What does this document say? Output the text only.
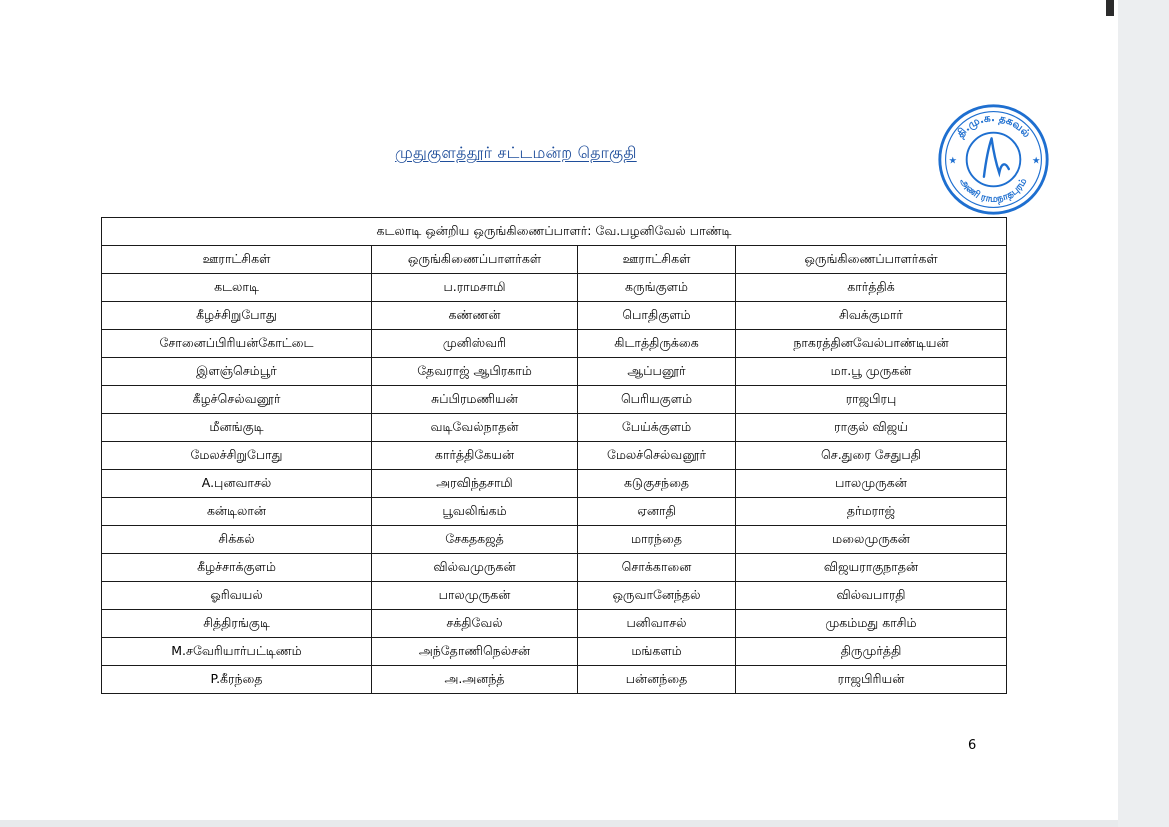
முதுகுளத்தூர் சட்டமன்ற தொகுதி
தி.மு.க. தகவல்
அணி ராமநாதபுரம்
★	★
கடலாடி ஒன்றிய ஒருங்கிணைப்பாளர்: வே.பழனிவேல் பாண்டி			
ஊராட்சிகள்	ஒருங்கிணைப்பாளர்கள்	ஊராட்சிகள்	ஒருங்கிணைப்பாளர்கள்
கடலாடி	ப.ராமசாமி	கருங்குளம்	கார்த்திக்
கீழச்சிறுபோது	கண்ணன்	பொதிகுளம்	சிவக்குமார்
சோனைப்பிரியன்கோட்டை	முனிஸ்வரி	கிடாத்திருக்கை	நாகரத்தினவேல்பாண்டியன்
இளஞ்செம்பூர்	தேவராஜ் ஆபிரகாம்	ஆப்பனூர்	மா.பூ முருகன்
கீழச்செல்வனூர்	சுப்பிரமணியன்	பெரியகுளம்	ராஜபிரபு
மீனங்குடி	வடிவேல்நாதன்	பேய்க்குளம்	ராகுல் விஜய்
மேலச்சிறுபோது	கார்த்திகேயன்	மேலச்செல்வனூர்	செ.துரை சேதுபதி
A.புனவாசல்	அரவிந்தசாமி	கடுகுசந்தை	பாலமுருகன்
கன்டிலான்	பூவலிங்கம்	ஏனாதி	தர்மராஜ்
சிக்கல்	சேகதகஜத்	மாரந்தை	மலைமுருகன்
கீழச்சாக்குளம்	வில்வமுருகன்	சொக்கானை	விஜயராகுநாதன்
ஓரிவயல்	பாலமுருகன்	ஒருவானேந்தல்	வில்வபாரதி
சித்திரங்குடி	சக்திவேல்	பனிவாசல்	முகம்மது காசிம்
M.சவேரியார்பட்டிணம்	அந்தோணிநெல்சன்	மங்களம்	திருமுர்த்தி
P.கீரந்தை	அ.அனந்த்	பன்னந்தை	ராஜபிரியன்
6
